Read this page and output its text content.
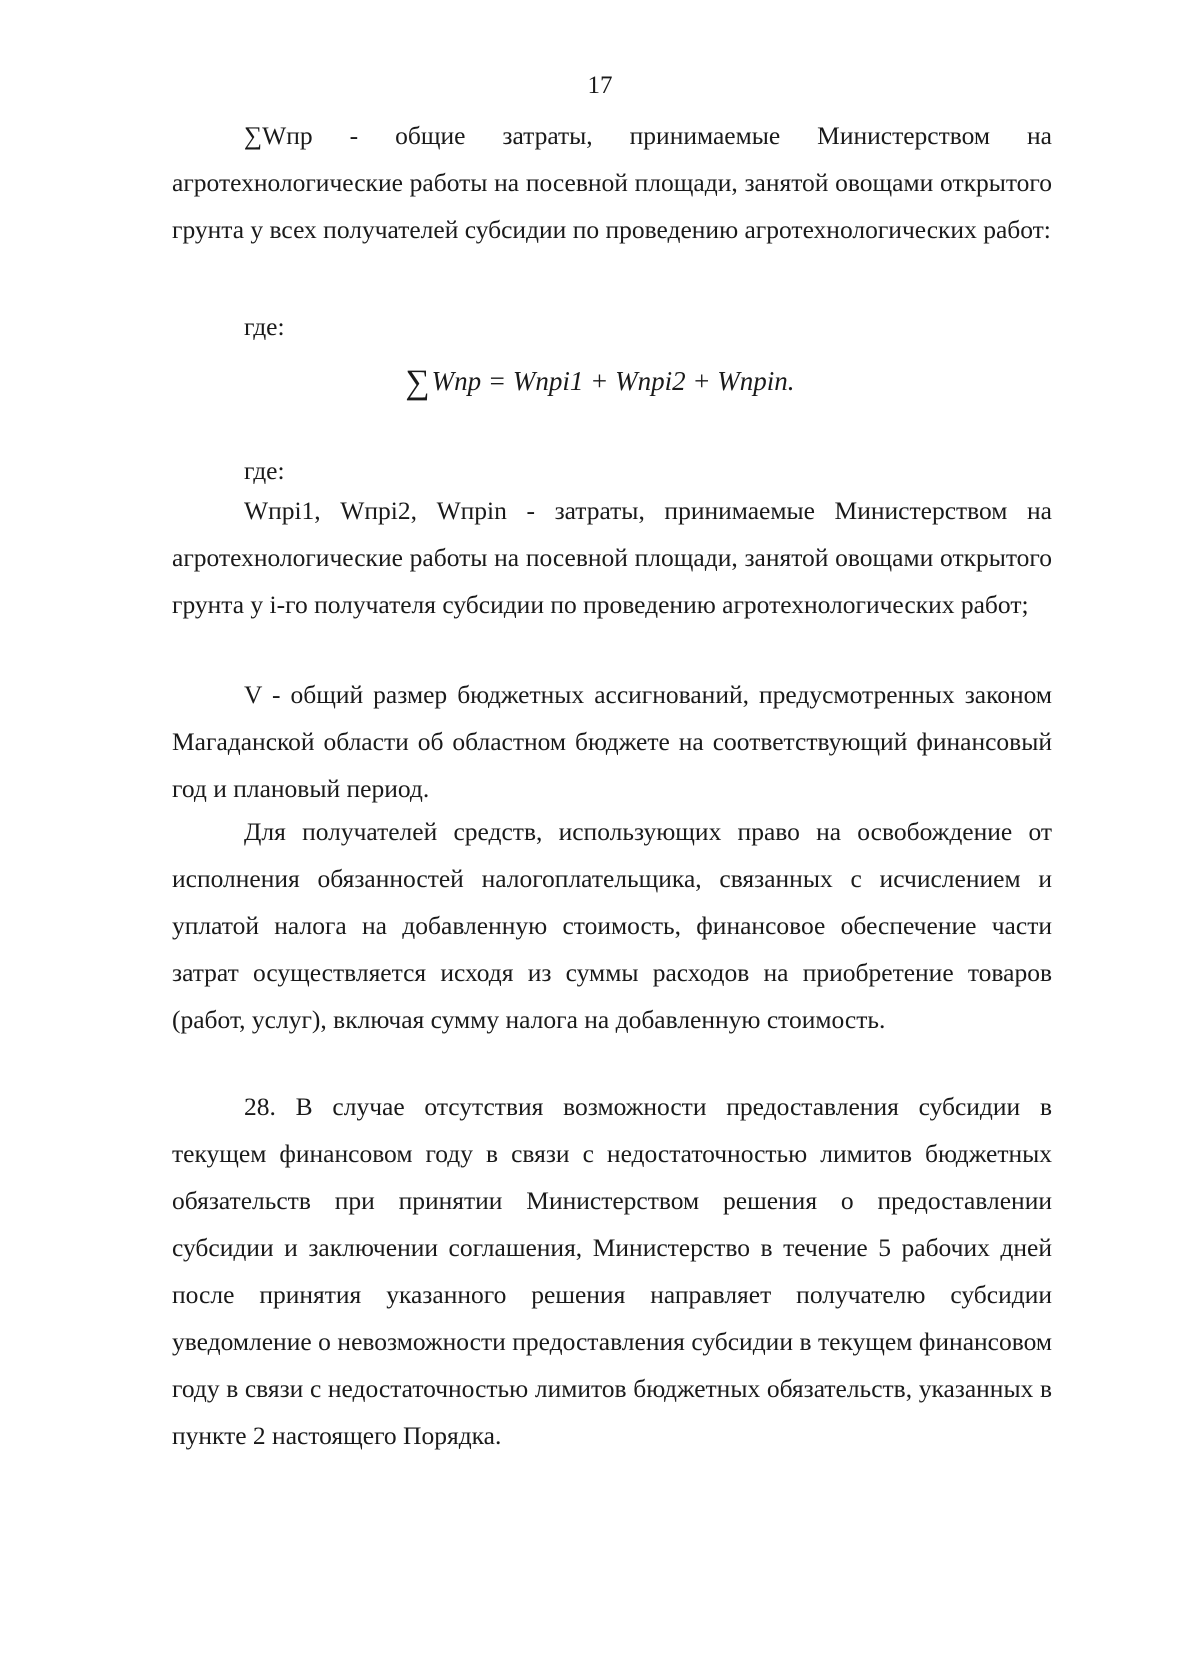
17

∑Wпр - общие затраты, принимаемые Министерством на агротехнологические работы на посевной площади, занятой овощами открытого грунта у всех получателей субсидии по проведению агротехнологических работ:

где:

∑Wпр = Wпрі1 + Wпрі2 + Wпріn.

где:

Wпрі1, Wпрі2, Wпріn - затраты, принимаемые Министерством на агротехнологические работы на посевной площади, занятой овощами открытого грунта у і-го получателя субсидии по проведению агротехнологических работ;

V - общий размер бюджетных ассигнований, предусмотренных законом Магаданской области об областном бюджете на соответствующий финансовый год и плановый период.

Для получателей средств, использующих право на освобождение от исполнения обязанностей налогоплательщика, связанных с исчислением и уплатой налога на добавленную стоимость, финансовое обеспечение части затрат осуществляется исходя из суммы расходов на приобретение товаров (работ, услуг), включая сумму налога на добавленную стоимость.

28. В случае отсутствия возможности предоставления субсидии в текущем финансовом году в связи с недостаточностью лимитов бюджетных обязательств при принятии Министерством решения о предоставлении субсидии и заключении соглашения, Министерство в течение 5 рабочих дней после принятия указанного решения направляет получателю субсидии уведомление о невозможности предоставления субсидии в текущем финансовом году в связи с недостаточностью лимитов бюджетных обязательств, указанных в пункте 2 настоящего Порядка.
